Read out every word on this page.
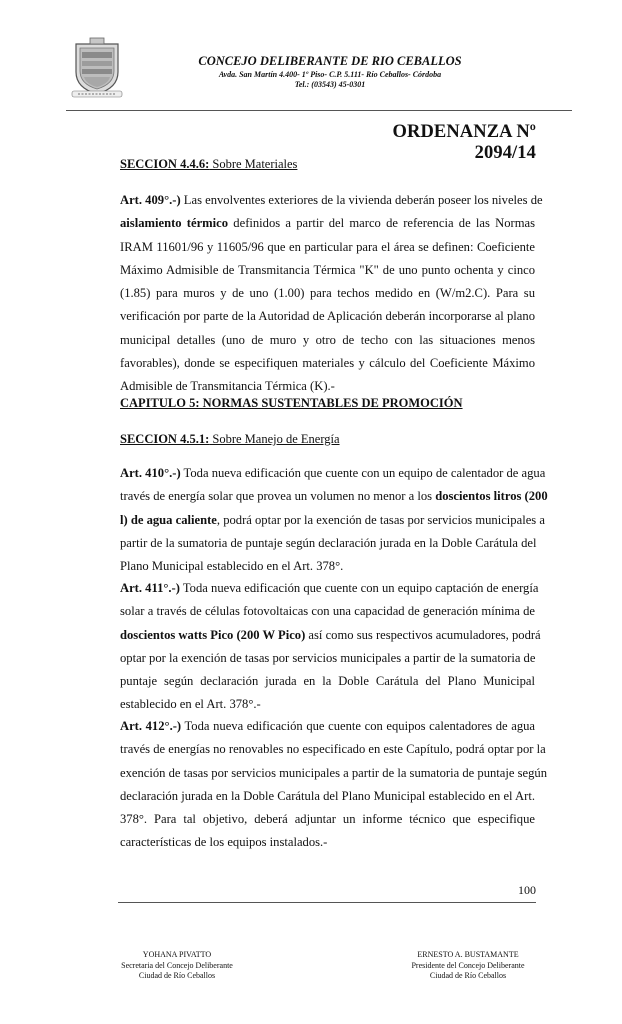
CONCEJO DELIBERANTE DE RIO CEBALLOS
Avda. San Martín 4.400- 1º Piso- C.P. 5.111- Río Ceballos- Córdoba
Tel.: (03543) 45-0301
ORDENANZA Nº 2094/14
SECCION 4.4.6: Sobre Materiales
Art. 409°.-) Las envolventes exteriores de la vivienda deberán poseer los niveles de
aislamiento térmico definidos a partir del marco de referencia de las Normas
IRAM 11601/96 y 11605/96 que en particular para el área se definen: Coeficiente
Máximo Admisible de Transmitancia Térmica "K" de uno punto ochenta y cinco
(1.85) para muros y de uno (1.00) para techos medido en (W/m2.C). Para su
verificación por parte de la Autoridad de Aplicación deberán incorporarse al plano
municipal detalles (uno de muro y otro de techo con las situaciones menos
favorables), donde se especifiquen materiales y cálculo del Coeficiente Máximo
Admisible de Transmitancia Térmica (K).-
CAPITULO 5: NORMAS SUSTENTABLES DE PROMOCIÓN
SECCION 4.5.1: Sobre Manejo de Energía
Art. 410°.-) Toda nueva edificación que cuente con un equipo de calentador de agua
través de energía solar que provea un volumen no menor a los doscientos litros (200
l) de agua caliente, podrá optar por la exención de tasas por servicios municipales a
partir de la sumatoria de puntaje según declaración jurada en la Doble Carátula del
Plano Municipal establecido en el Art. 378°.
Art. 411°.-) Toda nueva edificación que cuente con un equipo captación de energía
solar a través de células fotovoltaicas con una capacidad de generación mínima de
doscientos watts Pico (200 W Pico) así como sus respectivos acumuladores, podrá
optar por la exención de tasas por servicios municipales a partir de la sumatoria de
puntaje según declaración jurada en la Doble Carátula del Plano Municipal
establecido en el Art. 378°.-
Art. 412°.-) Toda nueva edificación que cuente con equipos calentadores de agua
través de energías no renovables no especificado en este Capítulo, podrá optar por la
exención de tasas por servicios municipales a partir de la sumatoria de puntaje según
declaración jurada en la Doble Carátula del Plano Municipal establecido en el Art.
378°. Para tal objetivo, deberá adjuntar un informe técnico que especifique
características de los equipos instalados.-
100
YOHANA PIVATTO
Secretaria del Concejo Deliberante
Ciudad de Río Ceballos
ERNESTO A. BUSTAMANTE
Presidente del Concejo Deliberante
Ciudad de Río Ceballos
